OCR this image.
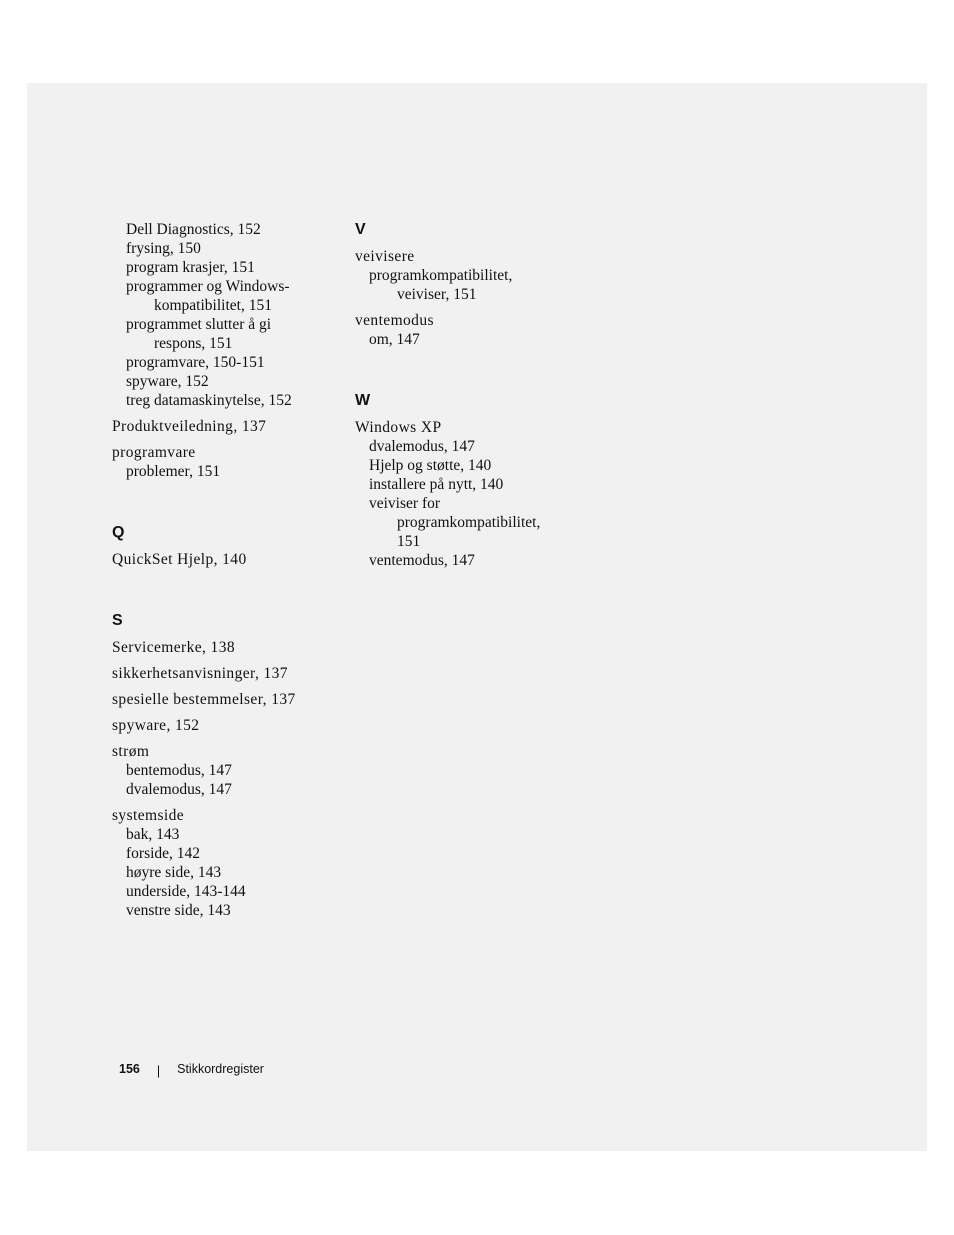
Dell Diagnostics, 152
frysing, 150
program krasjer, 151
programmer og Windows-
kompatibilitet, 151
programmet slutter å gi
respons, 151
programvare, 150-151
spyware, 152
treg datamaskinytelse, 152
Produktveiledning, 137
programvare
problemer, 151
Q
QuickSet Hjelp, 140
S
Servicemerke, 138
sikkerhetsanvisninger, 137
spesielle bestemmelser, 137
spyware, 152
strøm
bentemodus, 147
dvalemodus, 147
systemside
bak, 143
forside, 142
høyre side, 143
underside, 143-144
venstre side, 143
V
veivisere
programkompatibilitet,
veiviser, 151
ventemodus
om, 147
W
Windows XP
dvalemodus, 147
Hjelp og støtte, 140
installere på nytt, 140
veiviser for
programkompatibilitet,
151
ventemodus, 147
156 | Stikkordregister
